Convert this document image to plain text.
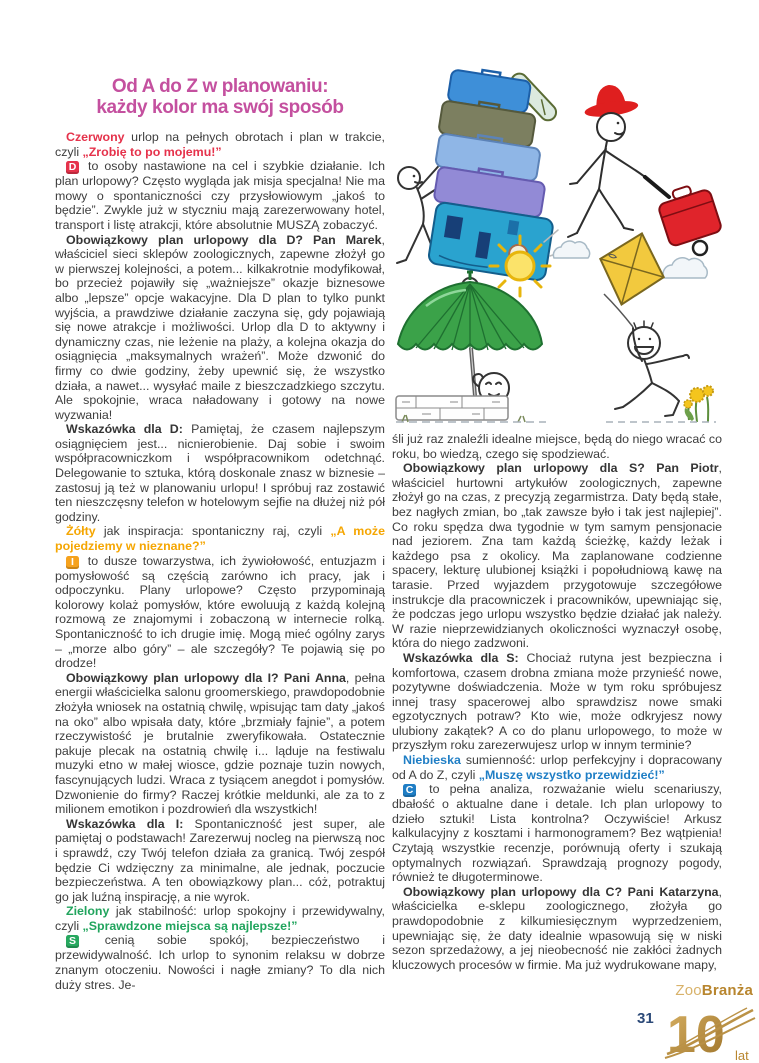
Od A do Z w planowaniu:
każdy kolor ma swój sposób

Czerwony urlop na pełnych obrotach i plan w trakcie, czyli „Zrobię to po mojemu!”

D to osoby nastawione na cel i szybkie działanie. Ich plan urlopowy? Często wygląda jak misja specjalna! Nie ma mowy o spontaniczności czy przysłowiowym „jakoś to będzie”. Zwykle już w styczniu mają zarezerwowany hotel, transport i listę atrakcji, które absolutnie MUSZĄ zobaczyć.

Obowiązkowy plan urlopowy dla D? Pan Marek, właściciel sieci sklepów zoologicznych, zapewne złożył go w pierwszej kolejności, a potem... kilkakrotnie modyfikował, bo przecież pojawiły się „ważniejsze” okazje biznesowe albo „lepsze” opcje wakacyjne. Dla D plan to tylko punkt wyjścia, a prawdziwe działanie zaczyna się, gdy pojawiają się nowe atrakcje i możliwości. Urlop dla D to aktywny i dynamiczny czas, nie leżenie na plaży, a kolejna okazja do osiągnięcia „maksymalnych wrażeń”. Może dzwonić do firmy co dwie godziny, żeby upewnić się, że wszystko działa, a nawet... wysyłać maile z bieszczadzkiego szczytu. Ale spokojnie, wraca naładowany i gotowy na nowe wyzwania!

Wskazówka dla D: Pamiętaj, że czasem najlepszym osiągnięciem jest... nicnierobienie. Daj sobie i swoim współpracowniczkom i współpracownikom odetchnąć. Delegowanie to sztuka, którą doskonale znasz w biznesie – zastosuj ją też w planowaniu urlopu! I spróbuj raz zostawić ten nieszczęsny telefon w hotelowym sejfie na dłużej niż pół godziny.

Żółty jak inspiracja: spontaniczny raj, czyli „A może pojedziemy w nieznane?”

I to dusze towarzystwa, ich żywiołowość, entuzjazm i pomysłowość są częścią zarówno ich pracy, jak i odpoczynku. Plany urlopowe? Często przypominają kolorowy kolaż pomysłów, które ewoluują z każdą kolejną rozmową ze znajomymi i zobaczoną w internecie rolką. Spontaniczność to ich drugie imię. Mogą mieć ogólny zarys – „morze albo góry” – ale szczegóły? Te pojawią się po drodze!

Obowiązkowy plan urlopowy dla I? Pani Anna, pełna energii właścicielka salonu groomerskiego, prawdopodobnie złożyła wniosek na ostatnią chwilę, wpisując tam daty „jakoś na oko” albo wpisała daty, które „brzmiały fajnie”, a potem rzeczywistość je brutalnie zweryfikowała. Ostatecznie pakuje plecak na ostatnią chwilę i... ląduje na festiwalu muzyki etno w małej wiosce, gdzie poznaje tuzin nowych, fascynujących ludzi. Wraca z tysiącem anegdot i pomysłów. Dzwonienie do firmy? Raczej krótkie meldunki, ale za to z milionem emotikon i pozdrowień dla wszystkich!

Wskazówka dla I: Spontaniczność jest super, ale pamiętaj o podstawach! Zarezerwuj nocleg na pierwszą noc i sprawdź, czy Twój telefon działa za granicą. Twój zespół będzie Ci wdzięczny za minimalne, ale jednak, poczucie bezpieczeństwa. A ten obowiązkowy plan... cóż, potraktuj go jak luźną inspirację, a nie wyrok.

Zielony jak stabilność: urlop spokojny i przewidywalny, czyli „Sprawdzone miejsca są najlepsze!”

S cenią sobie spokój, bezpieczeństwo i przewidywalność. Ich urlop to synonim relaksu w dobrze znanym otoczeniu. Nowości i nagłe zmiany? To dla nich duży stres. Je-

śli już raz znaleźli idealne miejsce, będą do niego wracać co roku, bo wiedzą, czego się spodziewać.

Obowiązkowy plan urlopowy dla S? Pan Piotr, właściciel hurtowni artykułów zoologicznych, zapewne złożył go na czas, z precyzją zegarmistrza. Daty będą stałe, bez nagłych zmian, bo „tak zawsze było i tak jest najlepiej”. Co roku spędza dwa tygodnie w tym samym pensjonacie nad jeziorem. Zna tam każdą ścieżkę, każdy leżak i każdego psa z okolicy. Ma zaplanowane codzienne spacery, lekturę ulubionej książki i popołudniową kawę na tarasie. Przed wyjazdem przygotowuje szczegółowe instrukcje dla pracowniczek i pracowników, upewniając się, że podczas jego urlopu wszystko będzie działać jak należy. W razie nieprzewidzianych okoliczności wyznaczył osobę, która do niego zadzwoni.

Wskazówka dla S: Chociaż rutyna jest bezpieczna i komfortowa, czasem drobna zmiana może przynieść nowe, pozytywne doświadczenia. Może w tym roku spróbujesz innej trasy spacerowej albo sprawdzisz nowe smaki egzotycznych potraw? Kto wie, może odkryjesz nowy ulubiony zakątek? A co do planu urlopowego, to może w przyszłym roku zarezerwujesz urlop w innym terminie?

Niebieska sumienność: urlop perfekcyjny i dopracowany od A do Z, czyli „Muszę wszystko przewidzieć!”

C to pełna analiza, rozważanie wielu scenariuszy, dbałość o aktualne dane i detale. Ich plan urlopowy to dzieło sztuki! Lista kontrolna? Oczywiście! Arkusz kalkulacyjny z kosztami i harmonogramem? Bez wątpienia! Czytają wszystkie recenzje, porównują oferty i szukają optymalnych rozwiązań. Sprawdzają prognozy pogody, również te długoterminowe.

Obowiązkowy plan urlopowy dla C? Pani Katarzyna, właścicielka e-sklepu zoologicznego, złożyła go prawdopodobnie z kilkumiesięcznym wyprzedzeniem, upewniając się, że daty idealnie wpasowują się w niski sezon sprzedażowy, a jej nieobecność nie zakłóci żadnych kluczowych procesów w firmie. Ma już wydrukowane mapy,

ZooBranża
31 10 lat
